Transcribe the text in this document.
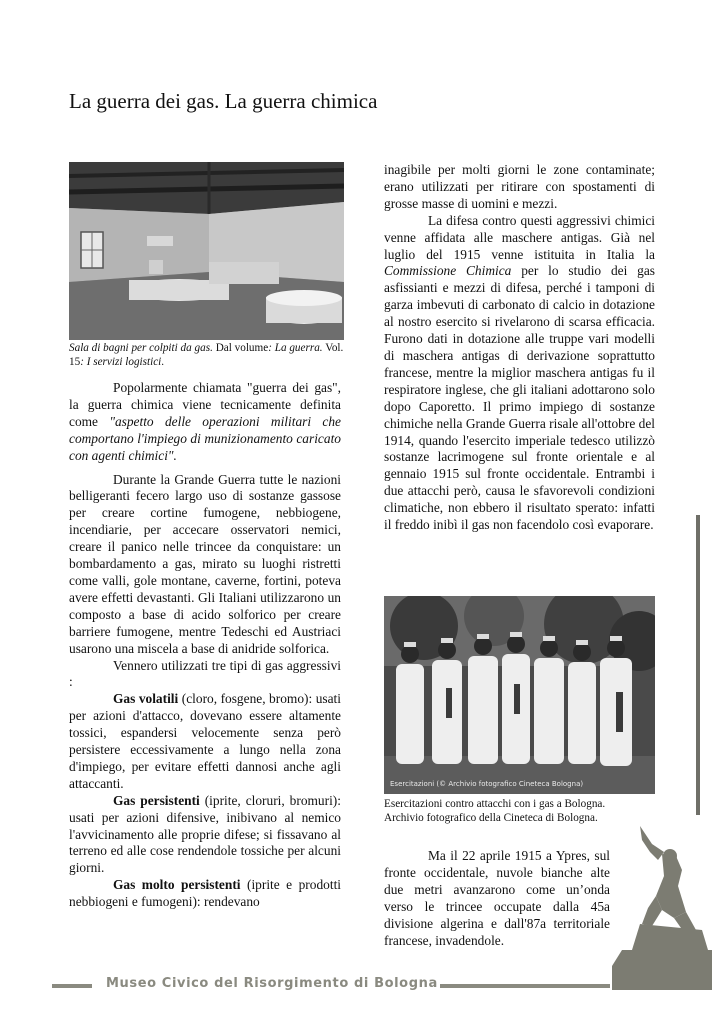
La guerra dei gas. La guerra chimica
Sala di bagni per colpiti da gas. Dal volume: La guerra. Vol. 15: I servizi logistici.

Popolarmente chiamata "guerra dei gas", la guerra chimica viene tecnicamente definita come "aspetto delle operazioni militari che comportano l'impiego di munizionamento caricato con agenti chimici".

Durante la Grande Guerra tutte le nazioni belligeranti fecero largo uso di sostanze gassose per creare cortine fumogene, nebbiogene, incendiarie, per accecare osservatori nemici, creare il panico nelle trincee da conquistare: un bombardamento a gas, mirato su luoghi ristretti come valli, gole montane, caverne, fortini, poteva avere effetti devastanti. Gli Italiani utilizzarono un composto a base di acido solforico per creare barriere fumogene, mentre Tedeschi ed Austriaci usarono una miscela a base di anidride solforica.

Vennero utilizzati tre tipi di gas aggressivi :

Gas volatili (cloro, fosgene, bromo): usati per azioni d'attacco, dovevano essere altamente tossici, espandersi velocemente senza però persistere eccessivamente a lungo nella zona d'impiego, per evitare effetti dannosi anche agli attaccanti.

Gas persistenti (iprite, cloruri, bromuri): usati per azioni difensive, inibivano al nemico l'avvicinamento alle proprie difese; si fissavano al terreno ed alle cose rendendole tossiche per alcuni giorni.

Gas molto persistenti (iprite e prodotti nebbiogeni e fumogeni): rendevano

inagibile per molti giorni le zone contaminate; erano utilizzati per ritirare con spostamenti di grosse masse di uomini e mezzi.

La difesa contro questi aggressivi chimici venne affidata alle maschere antigas. Già nel luglio del 1915 venne istituita in Italia la Commissione Chimica per lo studio dei gas asfissianti e mezzi di difesa, perché i tamponi di garza imbevuti di carbonato di calcio in dotazione al nostro esercito si rivelarono di scarsa efficacia. Furono dati in dotazione alle truppe vari modelli di maschera antigas di derivazione soprattutto francese, mentre la miglior maschera antigas fu il respiratore inglese, che gli italiani adottarono solo dopo Caporetto. Il primo impiego di sostanze chimiche nella Grande Guerra risale all'ottobre del 1914, quando l'esercito imperiale tedesco utilizzò sostanze lacrimogene sul fronte orientale e al gennaio 1915 sul fronte occidentale. Entrambi i due attacchi però, causa le sfavorevoli condizioni climatiche, non ebbero il risultato sperato: infatti il freddo inibì il gas non facendolo così evaporare.

Esercitazioni (© Archivio fotografico Cineteca Bologna)
Esercitazioni contro attacchi con i gas a Bologna. Archivio fotografico della Cineteca di Bologna.

Ma il 22 aprile 1915 a Ypres, sul fronte occidentale, nuvole bianche alte due metri avanzarono come un’onda verso le trincee occupate dalla 45a divisione algerina e dall'87a territoriale francese, invadendole.

Museo Civico del Risorgimento di Bologna
